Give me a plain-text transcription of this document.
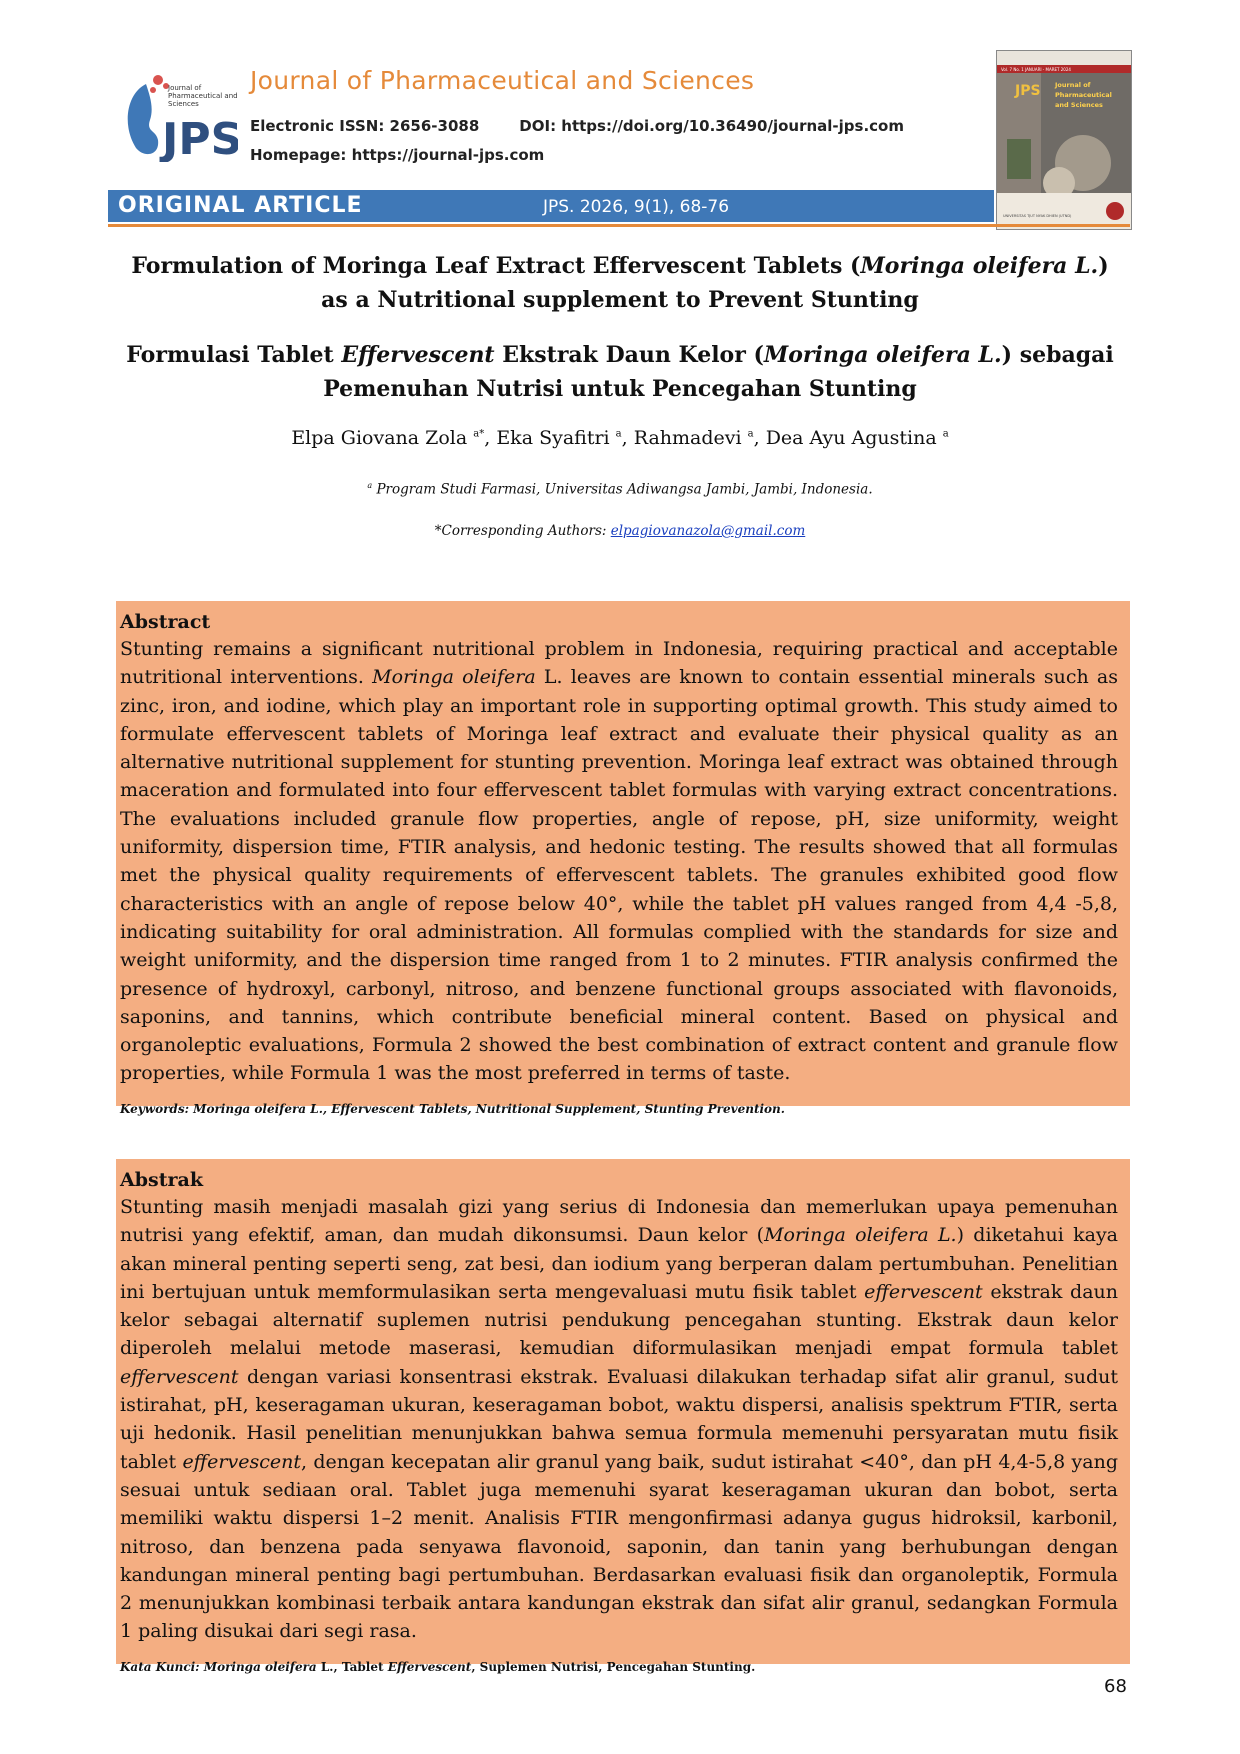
JPS
Journal of
Pharmaceutical and
Sciences
Journal of Pharmaceutical and Sciences
Electronic ISSN: 2656-3088	DOI: https://doi.org/10.36490/journal-jps.com
Homepage: https://journal-jps.com
JPS Journal of
Pharmaceutical
and Sciences
Vol. 7 No. 1 JANUARI - MARET 2024
UNIVERSITAS TJUT NYAK DHIEN (UTND)
ORIGINAL ARTICLE	JPS. 2026, 9(1), 68-76
Formulation of Moringa Leaf Extract Effervescent Tablets (Moringa oleifera L.) as a Nutritional supplement to Prevent Stunting
Formulasi Tablet Effervescent Ekstrak Daun Kelor (Moringa oleifera L.) sebagai Pemenuhan Nutrisi untuk Pencegahan Stunting
Elpa Giovana Zola $^{a*}$, Eka Syafitri $^a$, Rahmadevi $^a$, Dea Ayu Agustina $^a$
$^a$ Program Studi Farmasi, Universitas Adiwangsa Jambi, Jambi, Indonesia.
*Corresponding Authors: elpagiovanazola@gmail.com
Abstract

Stunting remains a significant nutritional problem in Indonesia, requiring practical and acceptable nutritional interventions. Moringa oleifera L. leaves are known to contain essential minerals such as zinc, iron, and iodine, which play an important role in supporting optimal growth. This study aimed to formulate effervescent tablets of Moringa leaf extract and evaluate their physical quality as an alternative nutritional supplement for stunting prevention. Moringa leaf extract was obtained through maceration and formulated into four effervescent tablet formulas with varying extract concentrations. The evaluations included granule flow properties, angle of repose, pH, size uniformity, weight uniformity, dispersion time, FTIR analysis, and hedonic testing. The results showed that all formulas met the physical quality requirements of effervescent tablets. The granules exhibited good flow characteristics with an angle of repose below 40°, while the tablet pH values ranged from 4,4 -5,8, indicating suitability for oral administration. All formulas complied with the standards for size and weight uniformity, and the dispersion time ranged from 1 to 2 minutes. FTIR analysis confirmed the presence of hydroxyl, carbonyl, nitroso, and benzene functional groups associated with flavonoids, saponins, and tannins, which contribute beneficial mineral content. Based on physical and organoleptic evaluations, Formula 2 showed the best combination of extract content and granule flow properties, while Formula 1 was the most preferred in terms of taste.

Keywords: Moringa oleifera L., Effervescent Tablets, Nutritional Supplement, Stunting Prevention.

Abstrak

Stunting masih menjadi masalah gizi yang serius di Indonesia dan memerlukan upaya pemenuhan nutrisi yang efektif, aman, dan mudah dikonsumsi. Daun kelor (Moringa oleifera L.) diketahui kaya akan mineral penting seperti seng, zat besi, dan iodium yang berperan dalam pertumbuhan. Penelitian ini bertujuan untuk memformulasikan serta mengevaluasi mutu fisik tablet effervescent ekstrak daun kelor sebagai alternatif suplemen nutrisi pendukung pencegahan stunting. Ekstrak daun kelor diperoleh melalui metode maserasi, kemudian diformulasikan menjadi empat formula tablet effervescent dengan variasi konsentrasi ekstrak. Evaluasi dilakukan terhadap sifat alir granul, sudut istirahat, pH, keseragaman ukuran, keseragaman bobot, waktu dispersi, analisis spektrum FTIR, serta uji hedonik. Hasil penelitian menunjukkan bahwa semua formula memenuhi persyaratan mutu fisik tablet effervescent, dengan kecepatan alir granul yang baik, sudut istirahat <40°, dan pH 4,4-5,8 yang sesuai untuk sediaan oral. Tablet juga memenuhi syarat keseragaman ukuran dan bobot, serta memiliki waktu dispersi 1–2 menit. Analisis FTIR mengonfirmasi adanya gugus hidroksil, karbonil, nitroso, dan benzena pada senyawa flavonoid, saponin, dan tanin yang berhubungan dengan kandungan mineral penting bagi pertumbuhan. Berdasarkan evaluasi fisik dan organoleptik, Formula 2 menunjukkan kombinasi terbaik antara kandungan ekstrak dan sifat alir granul, sedangkan Formula 1 paling disukai dari segi rasa.

Kata Kunci: Moringa oleifera L., Tablet Effervescent, Suplemen Nutrisi, Pencegahan Stunting.

68
